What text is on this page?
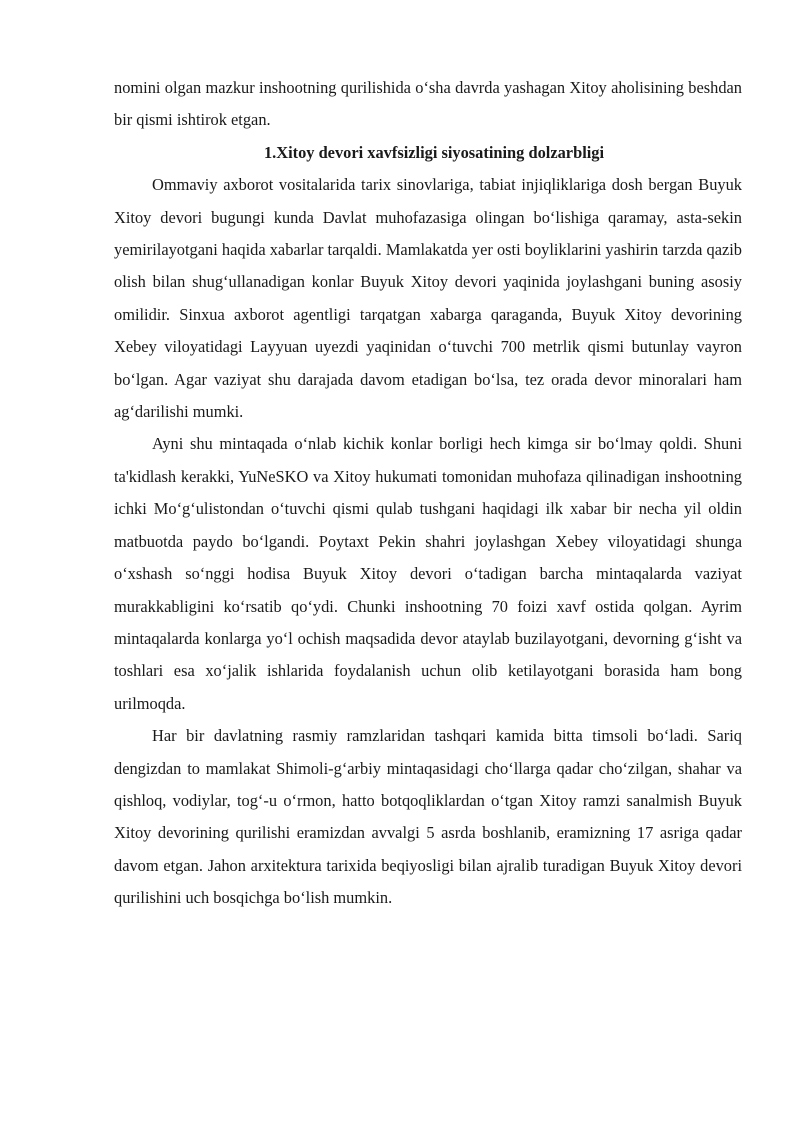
nomini olgan mazkur inshootning qurilishida o‘sha davrda yashagan Xitoy aholisining beshdan bir qismi ishtirok etgan.

1.Xitoy devori xavfsizligi siyosatining dolzarbligi

Ommaviy axborot vositalarida tarix sinovlariga, tabiat injiqliklariga dosh bergan Buyuk Xitoy devori bugungi kunda Davlat muhofazasiga olingan bo‘lishiga qaramay, asta-sekin yemirilayotgani haqida xabarlar tarqaldi. Mamlakatda yer osti boyliklarini yashirin tarzda qazib olish bilan shug‘ullanadigan konlar Buyuk Xitoy devori yaqinida joylashgani buning asosiy omilidir. Sinxua axborot agentligi tarqatgan xabarga qaraganda, Buyuk Xitoy devorining Xebey viloyatidagi Layyuan uyezdi yaqinidan o‘tuvchi 700 metrlik qismi butunlay vayron bo‘lgan. Agar vaziyat shu darajada davom etadigan bo‘lsa, tez orada devor minoralari ham ag‘darilishi mumki.

Ayni shu mintaqada o‘nlab kichik konlar borligi hech kimga sir bo‘lmay qoldi. Shuni ta'kidlash kerakki, YuNeSKO va Xitoy hukumati tomonidan muhofaza qilinadigan inshootning ichki Mo‘g‘ulistondan o‘tuvchi qismi qulab tushgani haqidagi ilk xabar bir necha yil oldin matbuotda paydo bo‘lgandi. Poytaxt Pekin shahri joylashgan Xebey viloyatidagi shunga o‘xshash so‘nggi hodisa Buyuk Xitoy devori o‘tadigan barcha mintaqalarda vaziyat murakkabligini ko‘rsatib qo‘ydi. Chunki inshootning 70 foizi xavf ostida qolgan. Ayrim mintaqalarda konlarga yo‘l ochish maqsadida devor ataylab buzilayotgani, devorning g‘isht va toshlari esa xo‘jalik ishlarida foydalanish uchun olib ketilayotgani borasida ham bong urilmoqda.

Har bir davlatning rasmiy ramzlaridan tashqari kamida bitta timsoli bo‘ladi. Sariq dengizdan to mamlakat Shimoli-g‘arbiy mintaqasidagi cho‘llarga qadar cho‘zilgan, shahar va qishloq, vodiylar, tog‘-u o‘rmon, hatto botqoqliklardan o‘tgan Xitoy ramzi sanalmish Buyuk Xitoy devorining qurilishi eramizdan avvalgi 5 asrda boshlanib, eramizning 17 asriga qadar davom etgan. Jahon arxitektura tarixida beqiyosligi bilan ajralib turadigan Buyuk Xitoy devori qurilishini uch bosqichga bo‘lish mumkin.
